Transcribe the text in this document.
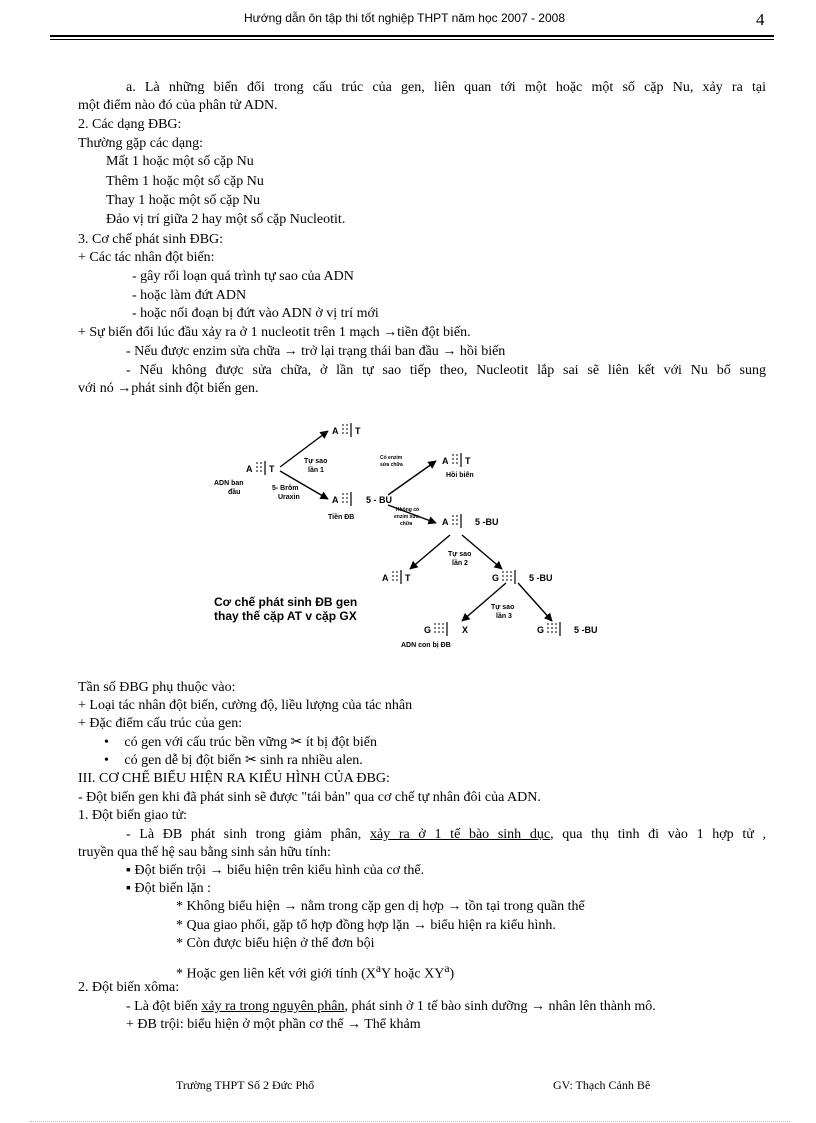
Hướng dẫn ôn tập thi tốt nghiệp THPT năm học 2007 - 2008	4
a. Là những biến đổi trong cấu trúc của gen, liên quan tới một hoặc một số cặp Nu, xảy ra tại
một điểm nào đó của phân tử ADN.
2. Các dạng ĐBG:
Thường gặp các dạng:
Mất 1 hoặc một số cặp Nu
Thêm 1 hoặc một số cặp Nu
Thay 1 hoặc một số cặp Nu
Đảo vị trí giữa 2 hay một số cặp Nucleotit.
3. Cơ chế phát sinh ĐBG:
+ Các tác nhân đột biến:
- gây rối loạn quá trình tự sao của ADN
- hoặc làm đứt ADN
- hoặc nối đoạn bị đứt vào ADN ở vị trí mới
+ Sự biến đổi lúc đầu xảy ra ở 1 nucleotit trên 1 mạch →tiền đột biến.
- Nếu được enzim sửa chữa → trở lại trạng thái ban đầu → hồi biến
- Nếu không được sửa chữa, ở lần tự sao tiếp theo, Nucleotit lắp sai sẽ liên kết với Nu bổ sung
với nó →phát sinh đột biến gen.
A T
A T
A	5 - BU
A T
A	5 -BU
A T	G	5 -BU
G	X	G	5 -BU
ADN ban
đầu
5- Brôm
Uraxin
Tự sao
lần 1
Tiền ĐB
Hồi biến
Tự sao
lần 2
Tự sao
lần 3
ADN con bị ĐB
Có enzim
sửa chữa
Không có
enzim sửa
chữa
Cơ chế phát sinh ĐB gen
thay thế cặp AT v cặp GX
Tần số ĐBG phụ thuộc vào:
+ Loại tác nhân đột biến, cường độ, liều lượng của tác nhân
+ Đặc điểm cấu trúc của gen:
• có gen với cấu trúc bền vững ✂ ít bị đột biến
• có gen dễ bị đột biến ✂ sinh ra nhiều alen.
III. CƠ CHẾ BIỂU HIỆN RA KIỂU HÌNH CỦA ĐBG:
- Đột biến gen khi đã phát sinh sẽ được "tái bản" qua cơ chế tự nhân đôi của ADN.
1. Đột biến giao tử:
- Là ĐB phát sinh trong giảm phân, xảy ra ở 1 tế bào sinh dục, qua thụ tinh đi vào 1 hợp tử ,
truyền qua thế hệ sau bằng sinh sản hữu tính:
▪ Đột biến trội → biểu hiện trên kiểu hình của cơ thể.
▪ Đột biến lặn :
* Không biểu hiện → nằm trong cặp gen dị hợp → tồn tại trong quần thể
* Qua giao phối, gặp tổ hợp đồng hợp lặn → biểu hiện ra kiểu hình.
* Còn được biểu hiện ở thể đơn bội
* Hoặc gen liên kết với giới tính ($X^aY$ hoặc $XY^a$)
2. Đột biến xôma:
- Là đột biến xảy ra trong nguyên phân, phát sinh ở 1 tế bào sinh dưỡng → nhân lên thành mô.
+ ĐB trội: biểu hiện ở một phần cơ thể → Thể khảm
Trường THPT Số 2 Đức Phổ	GV: Thạch Cảnh Bê
